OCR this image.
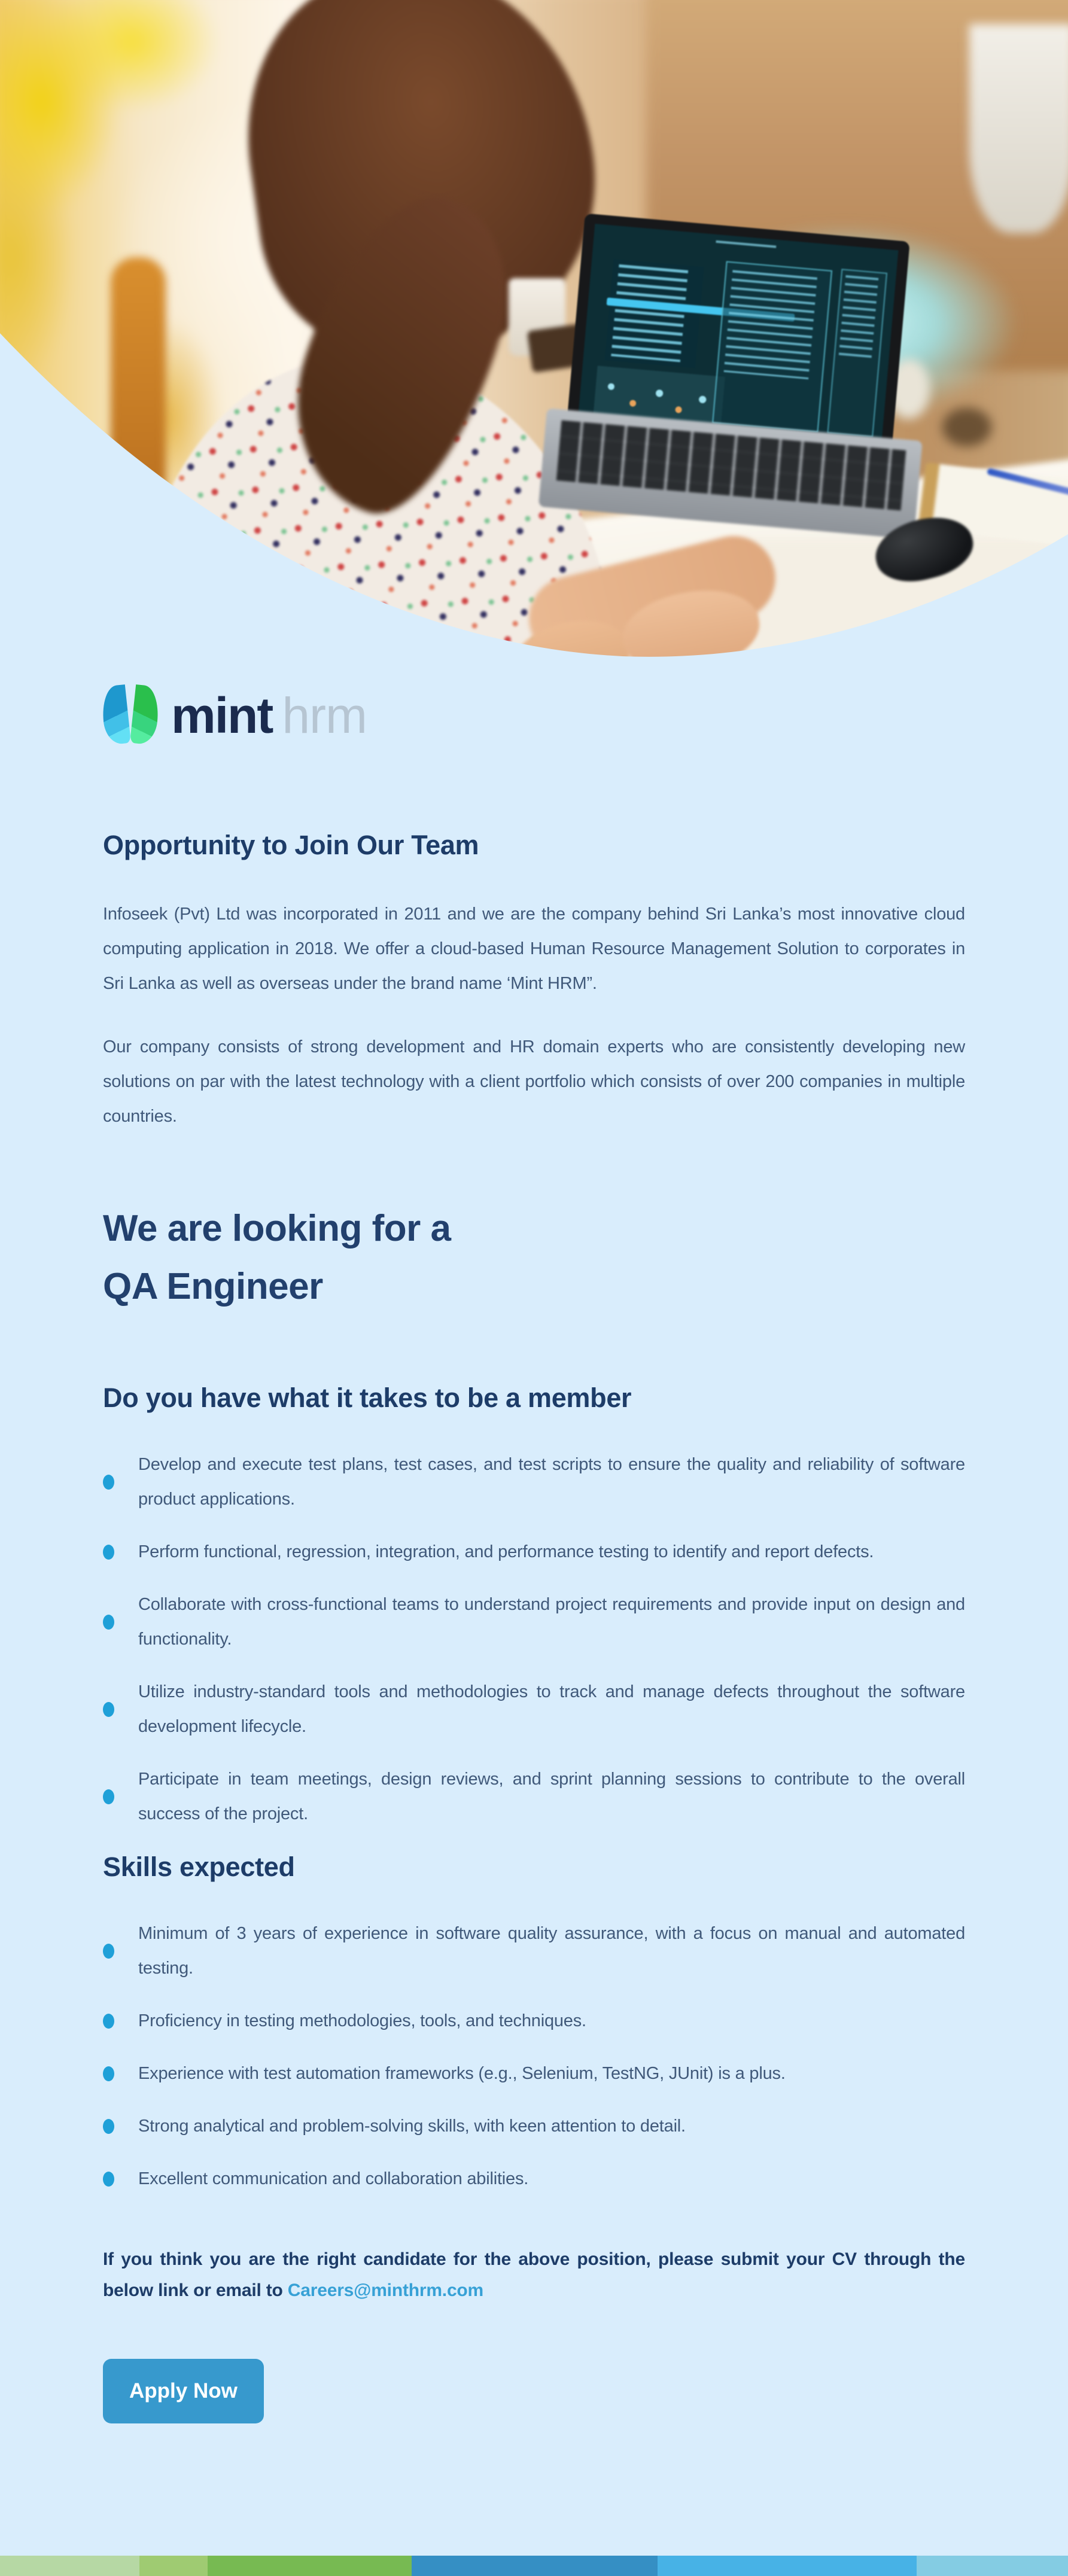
mint hrm
Opportunity to Join Our Team

Infoseek (Pvt) Ltd was incorporated in 2011 and we are the company behind Sri Lanka’s most innovative cloud computing application in 2018. We offer a cloud-based Human Resource Management Solution to corporates in Sri Lanka as well as overseas under the brand name ‘Mint HRM”.

Our company consists of strong development and HR domain experts who are consistently developing new solutions on par with the latest technology with a client portfolio which consists of over 200 companies in multiple countries.

We are looking for a
QA Engineer
Do you have what it takes to be a member
Develop and execute test plans, test cases, and test scripts to ensure the quality and reliability of software product applications.
Perform functional, regression, integration, and performance testing to identify and report defects.
Collaborate with cross-functional teams to understand project requirements and provide input on design and functionality.
Utilize industry-standard tools and methodologies to track and manage defects throughout the software development lifecycle.
Participate in team meetings, design reviews, and sprint planning sessions to contribute to the overall success of the project.
Skills expected
Minimum of 3 years of experience in software quality assurance, with a focus on manual and automated testing.
Proficiency in testing methodologies, tools, and techniques.
Experience with test automation frameworks (e.g., Selenium, TestNG, JUnit) is a plus.
Strong analytical and problem-solving skills, with keen attention to detail.
Excellent communication and collaboration abilities.

If you think you are the right candidate for the above position, please submit your CV through the below link or email to Careers@minthrm.com

Apply Now
